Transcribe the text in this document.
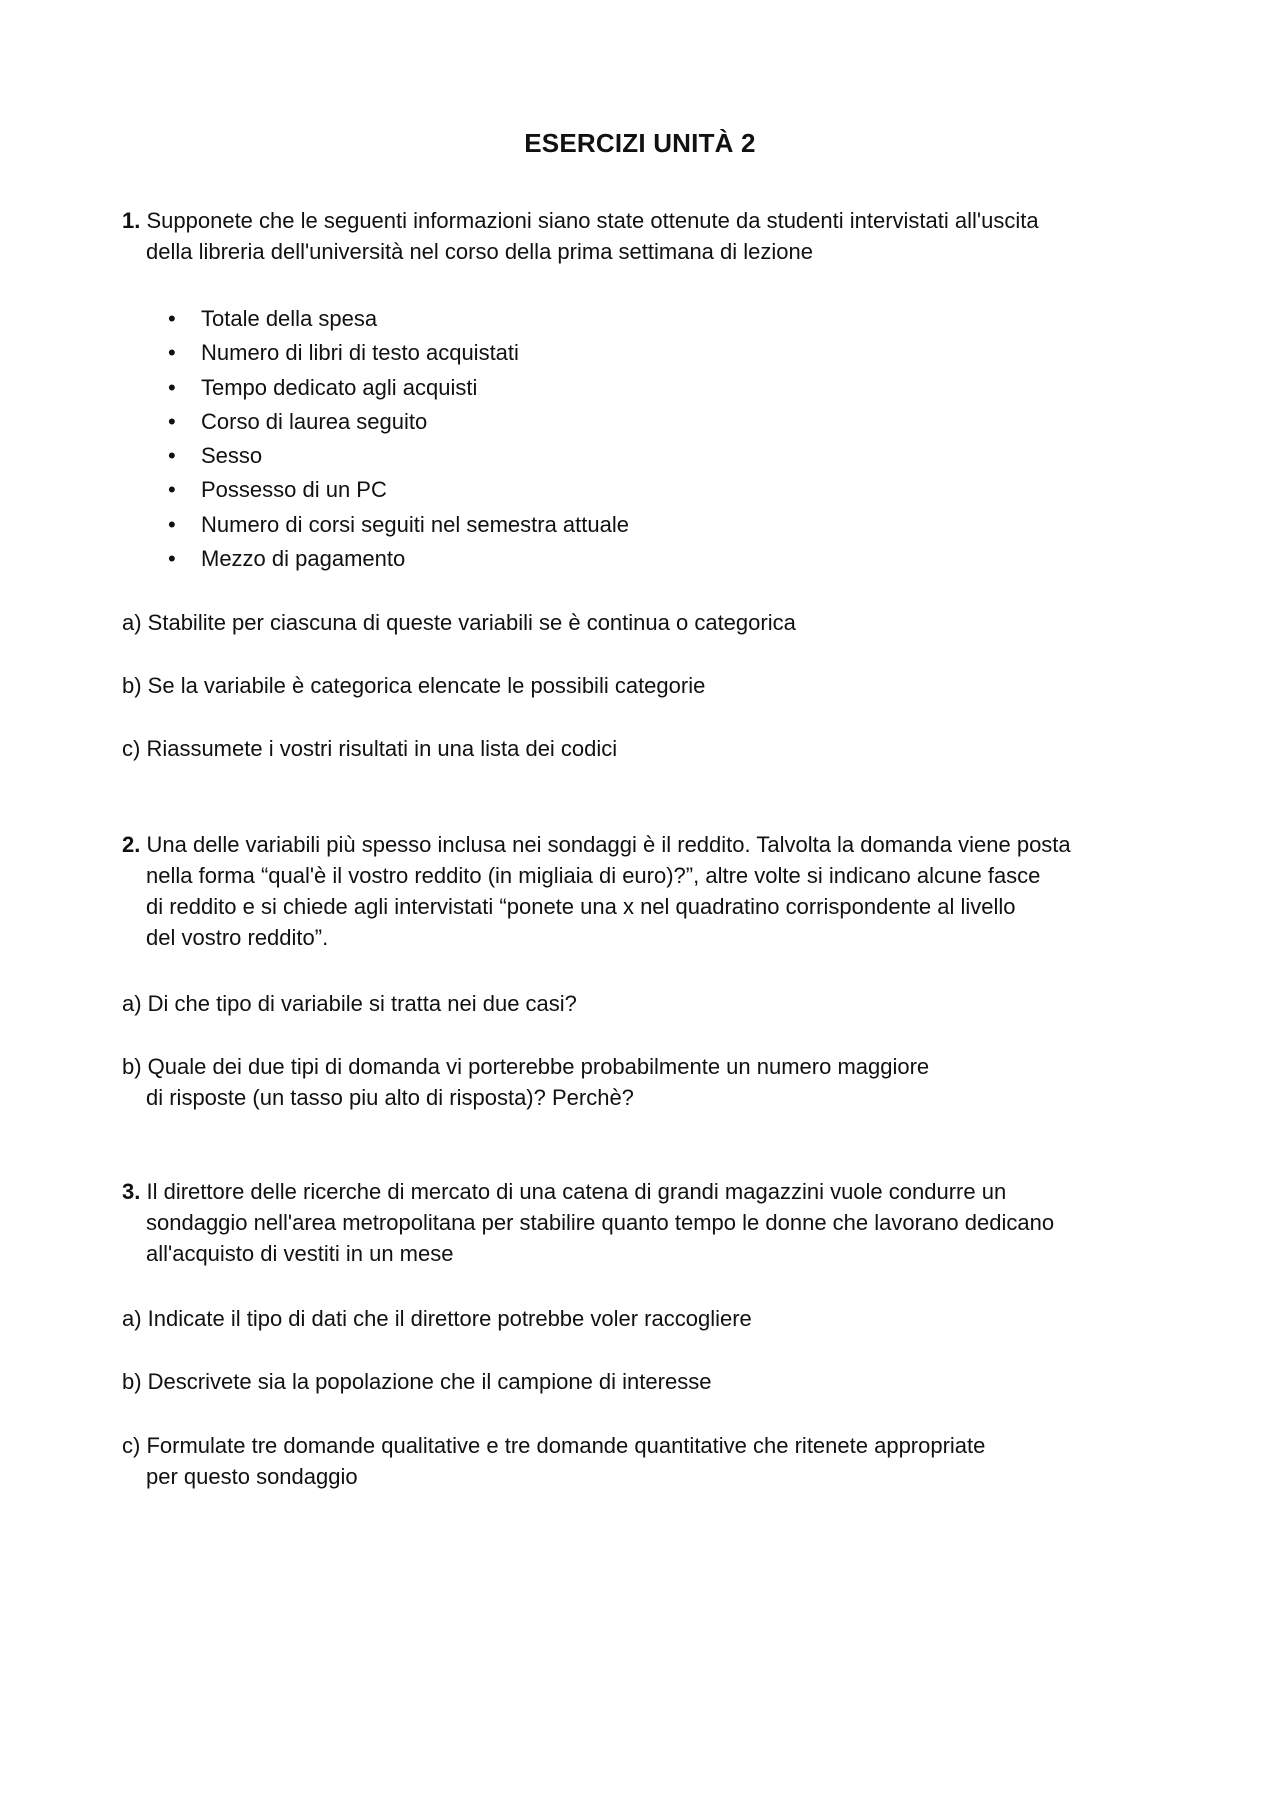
ESERCIZI UNITÀ 2

1. Supponete che le seguenti informazioni siano state ottenute da studenti intervistati all'uscita

della libreria dell'università nel corso della prima settimana di lezione

• Totale della spesa
• Numero di libri di testo acquistati
• Tempo dedicato agli acquisti
• Corso di laurea seguito
• Sesso
• Possesso di un PC
• Numero di corsi seguiti nel semestra attuale
• Mezzo di pagamento

a) Stabilite per ciascuna di queste variabili se è continua o categorica

b) Se la variabile è categorica elencate le possibili categorie

c) Riassumete i vostri risultati in una lista dei codici

2. Una delle variabili più spesso inclusa nei sondaggi è il reddito. Talvolta la domanda viene posta

nella forma “qual'è il vostro reddito (in migliaia di euro)?”, altre volte si indicano alcune fasce

di reddito e si chiede agli intervistati “ponete una x nel quadratino corrispondente al livello

del vostro reddito”.

a) Di che tipo di variabile si tratta nei due casi?

b) Quale dei due tipi di domanda vi porterebbe probabilmente un numero maggiore
di risposte (un tasso piu alto di risposta)? Perchè?

3. Il direttore delle ricerche di mercato di una catena di grandi magazzini vuole condurre un

sondaggio nell'area metropolitana per stabilire quanto tempo le donne che lavorano dedicano

all'acquisto di vestiti in un mese

a) Indicate il tipo di dati che il direttore potrebbe voler raccogliere

b) Descrivete sia la popolazione che il campione di interesse

c) Formulate tre domande qualitative e tre domande quantitative che ritenete appropriate
per questo sondaggio
